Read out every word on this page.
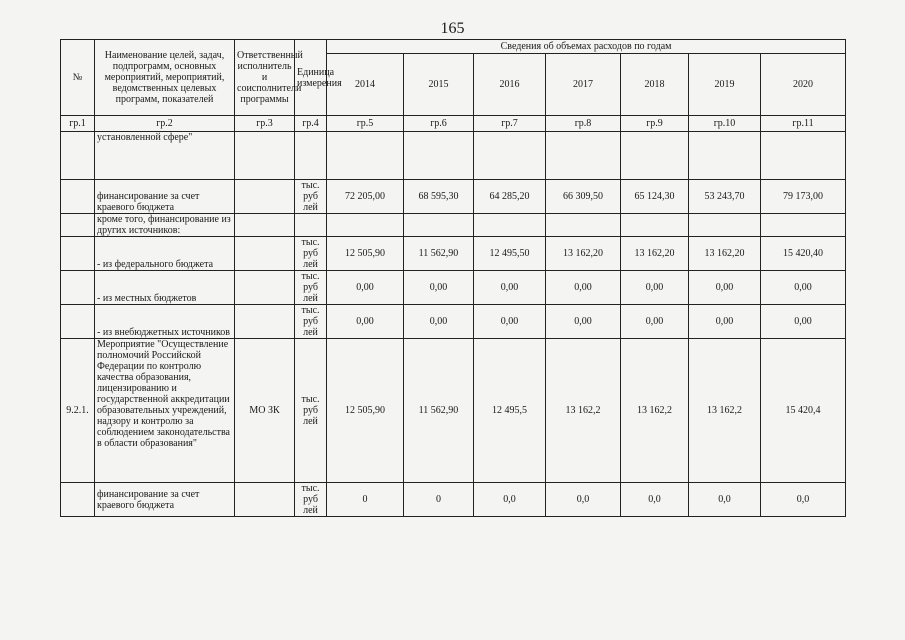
165
№	Наименование целей, задач, подпрограмм, основных мероприятий, мероприятий, ведомственных целевых программ, показателей	Ответственный исполнитель и соисполнители программы	Единица измерения	Сведения об объемах расходов по годам						
				2014	2015	2016	2017	2018	2019	2020
гр.1	гр.2	гр.3	гр.4	гр.5	гр.6	гр.7	гр.8	гр.9	гр.10	гр.11
	установленной сфере"									
	финансирование за счет краевого бюджета		тыс. руб лей	72 205,00	68 595,30	64 285,20	66 309,50	65 124,30	53 243,70	79 173,00
	кроме того, финансирование из других источников:									
	- из федерального бюджета		тыс. руб лей	12 505,90	11 562,90	12 495,50	13 162,20	13 162,20	13 162,20	15 420,40
	- из местных бюджетов		тыс. руб лей	0,00	0,00	0,00	0,00	0,00	0,00	0,00
	- из внебюджетных источников		тыс. руб лей	0,00	0,00	0,00	0,00	0,00	0,00	0,00
9.2.1.	Мероприятие "Осуществление полномочий Российской Федерации по контролю качества образования, лицензированию и государственной аккредитации образовательных учреждений, надзору и контролю за соблюдением законодательства в области образования"	МО ЗК	тыс. руб лей	12 505,90	11 562,90	12 495,5	13 162,2	13 162,2	13 162,2	15 420,4
	финансирование за счет краевого бюджета		тыс. руб лей	0	0	0,0	0,0	0,0	0,0	0,0
